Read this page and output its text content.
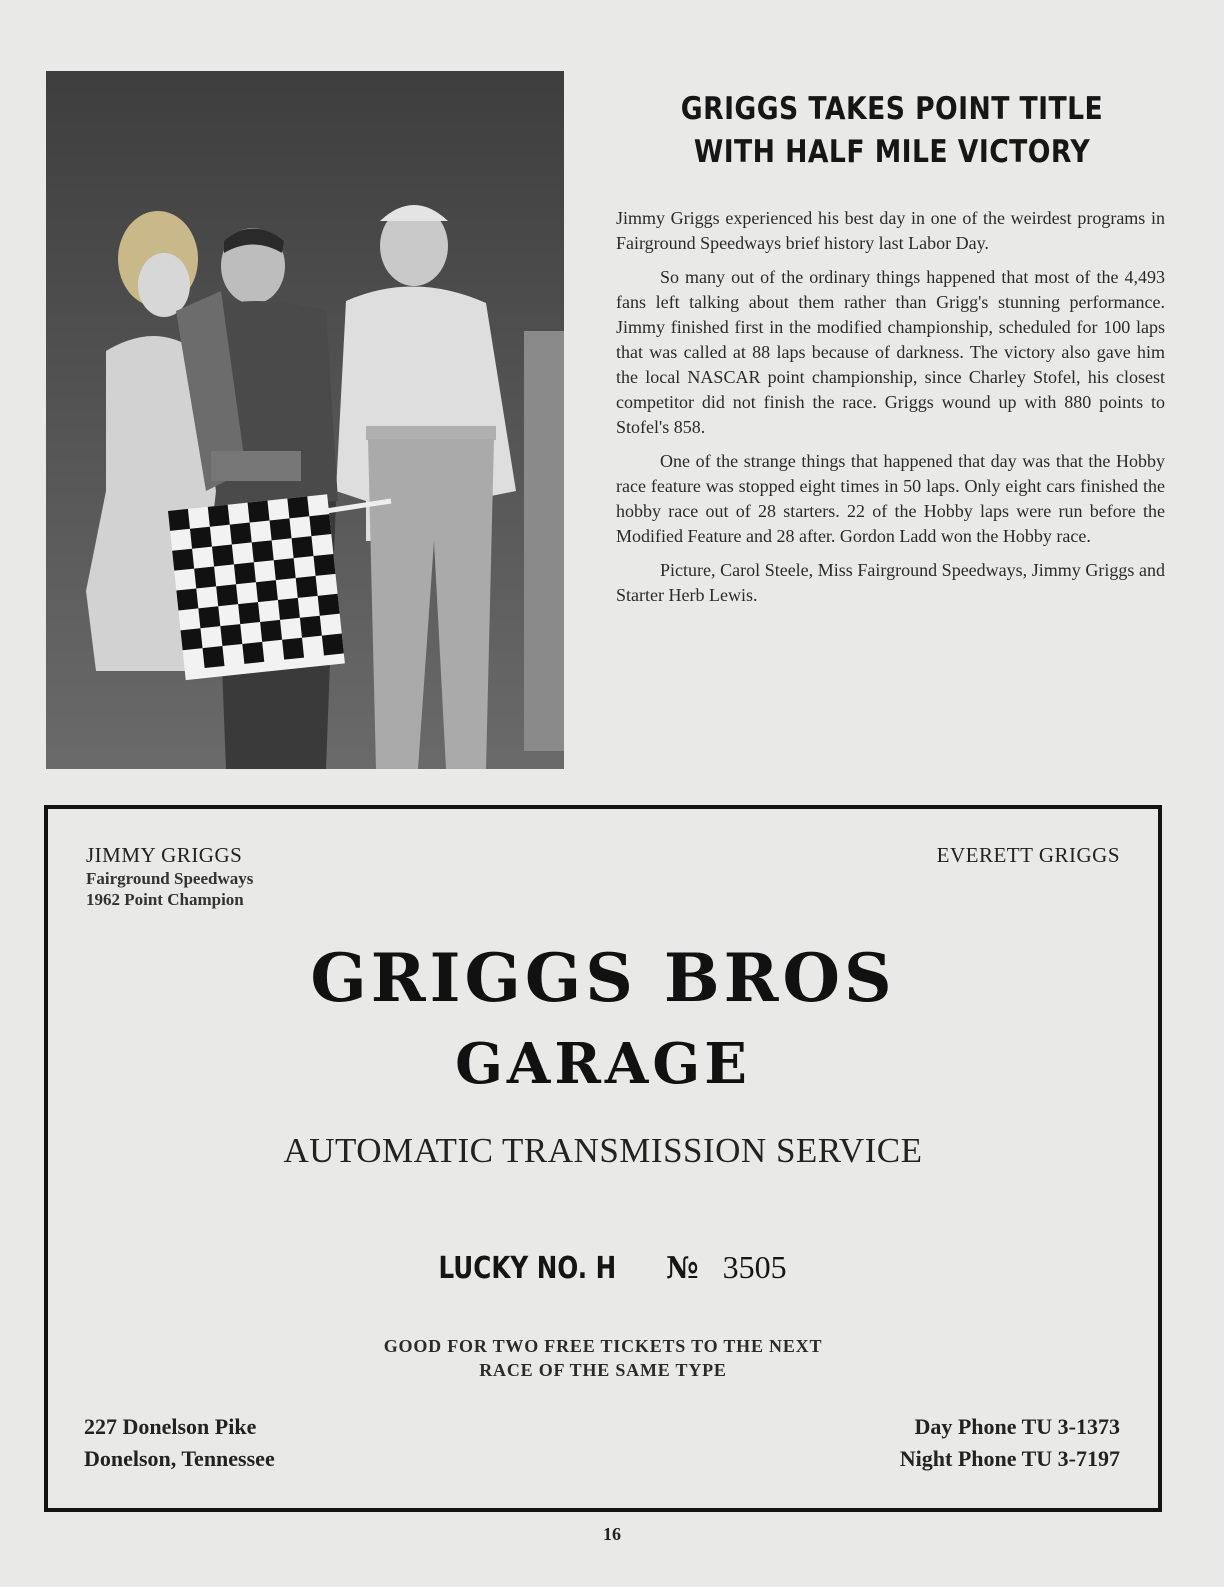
GRIGGS TAKES POINT TITLE
WITH HALF MILE VICTORY

Jimmy Griggs experienced his best day in one of the weirdest programs in Fairground Speedways brief history last Labor Day.

So many out of the ordinary things happened that most of the 4,493 fans left talking about them rather than Grigg's stunning performance. Jimmy finished first in the modified championship, scheduled for 100 laps that was called at 88 laps because of darkness. The victory also gave him the local NASCAR point championship, since Charley Stofel, his closest competitor did not finish the race. Griggs wound up with 880 points to Stofel's 858.

One of the strange things that happened that day was that the Hobby race feature was stopped eight times in 50 laps. Only eight cars finished the hobby race out of 28 starters. 22 of the Hobby laps were run before the Modified Feature and 28 after. Gordon Ladd won the Hobby race.

Picture, Carol Steele, Miss Fairground Speedways, Jimmy Griggs and Starter Herb Lewis.

JIMMY GRIGGS
Fairground Speedways
1962 Point Champion
EVERETT GRIGGS
GRIGGS BROS
GARAGE
AUTOMATIC TRANSMISSION SERVICE
LUCKY NO. H № 3505
GOOD FOR TWO FREE TICKETS TO THE NEXT
RACE OF THE SAME TYPE
227 Donelson Pike
Donelson, Tennessee
Day Phone TU 3-1373
Night Phone TU 3-7197
16
